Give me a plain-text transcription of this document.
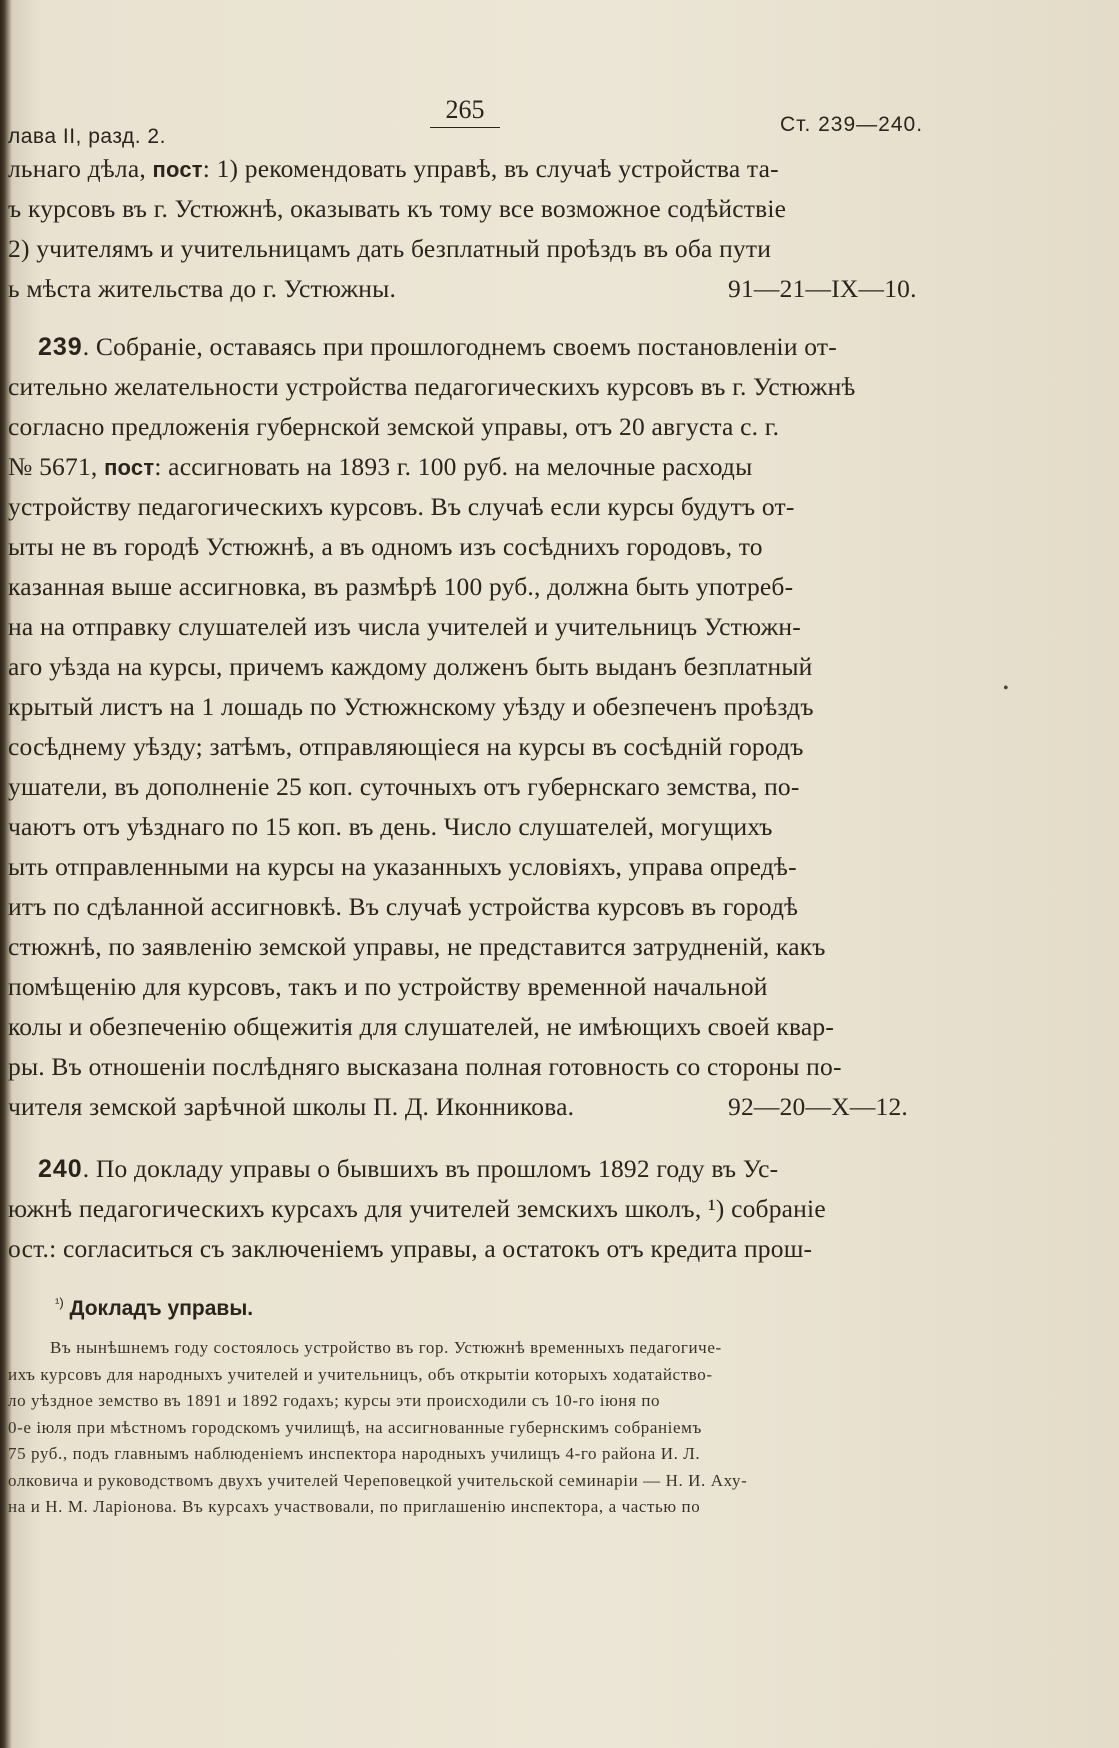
лава II, разд. 2.
265
Ст. 239—240.
льнаго дѣла, пост: 1) рекомендовать управѣ, въ случаѣ устройства та-
ъ курсовъ въ г. Устюжнѣ, оказывать къ тому все возможное содѣйствіе
2) учителямъ и учительницамъ дать безплатный проѣздъ въ оба пути
ь мѣста жительства до г. Устюжны.	91—21—IX—10.
239. Собраніе, оставаясь при прошлогоднемъ своемъ постановленіи от-
сительно желательности устройства педагогическихъ курсовъ въ г. Устюжнѣ
согласно предложенія губернской земской управы, отъ 20 августа с. г.
№ 5671, пост: ассигновать на 1893 г. 100 руб. на мелочные расходы
устройству педагогическихъ курсовъ. Въ случаѣ если курсы будутъ от-
ыты не въ городѣ Устюжнѣ, а въ одномъ изъ сосѣднихъ городовъ, то
казанная выше ассигновка, въ размѣрѣ 100 руб., должна быть употреб-
на на отправку слушателей изъ числа учителей и учительницъ Устюжн-
аго уѣзда на курсы, причемъ каждому долженъ быть выданъ безплатный
крытый листъ на 1 лошадь по Устюжнскому уѣзду и обезпеченъ проѣздъ
сосѣднему уѣзду; затѣмъ, отправляющіеся на курсы въ сосѣдній городъ
ушатели, въ дополненіе 25 коп. суточныхъ отъ губернскаго земства, по-
чаютъ отъ уѣзднаго по 15 коп. въ день. Число слушателей, могущихъ
ыть отправленными на курсы на указанныхъ условіяхъ, управа опредѣ-
итъ по сдѣланной ассигновкѣ. Въ случаѣ устройства курсовъ въ городѣ
стюжнѣ, по заявленію земской управы, не представится затрудненій, какъ
помѣщенію для курсовъ, такъ и по устройству временной начальной
колы и обезпеченію общежитія для слушателей, не имѣющихъ своей квар-
ры. Въ отношеніи послѣдняго высказана полная готовность со стороны по-
чителя земской зарѣчной школы П. Д. Иконникова.	92—20—X—12.
240. По докладу управы о бывшихъ въ прошломъ 1892 году въ Ус-
южнѣ педагогическихъ курсахъ для учителей земскихъ школъ, ¹) собраніе
ост.: согласиться съ заключеніемъ управы, а остатокъ отъ кредита прош-
•
$^{^1)}$ Докладъ управы.
Въ нынѣшнемъ году состоялось устройство въ гор. Устюжнѣ временныхъ педагогиче-
ихъ курсовъ для народныхъ учителей и учительницъ, объ открытіи которыхъ ходатайство-
ло уѣздное земство въ 1891 и 1892 годахъ; курсы эти происходили съ 10-го іюня по
0-е іюля при мѣстномъ городскомъ училищѣ, на ассигнованные губернскимъ собраніемъ
75 руб., подъ главнымъ наблюденіемъ инспектора народныхъ училищъ 4-го района И. Л.
олковича и руководствомъ двухъ учителей Череповецкой учительской семинаріи — Н. И. Аху-
на и Н. М. Ларіонова. Въ курсахъ участвовали, по приглашенію инспектора, а частью по
